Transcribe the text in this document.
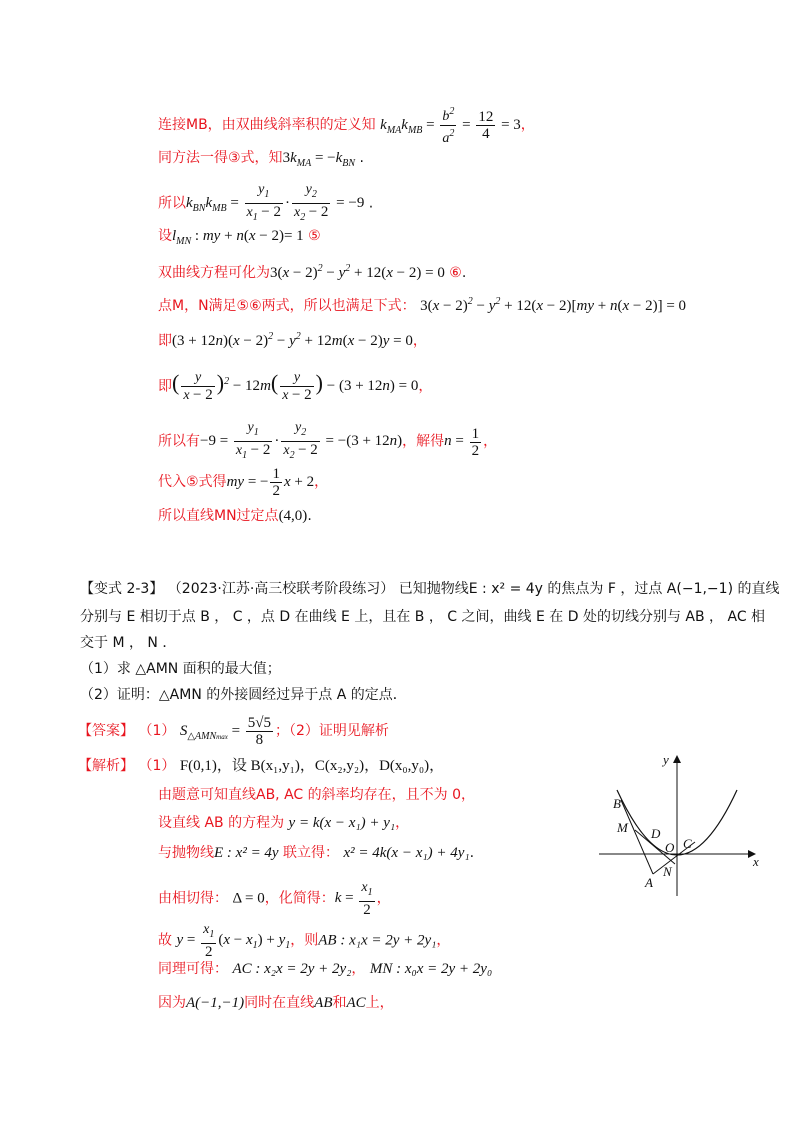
连接MB，由双曲线斜率积的定义知 $k_{MA}k_{MB} = \frac{b^2}{a^2} = \frac{12}{4} = 3$，
同方法一得③式，知$3k_{MA} = -k_{BN}$ .
所以$k_{BN}k_{MB} = \frac{y_1}{x_1 - 2} \cdot \frac{y_2}{x_2 - 2} = -9$ .
设$l_{MN}$ : my + n(x − 2)= 1 ⑤
双曲线方程可化为$3(x - 2)^2 - y^2 + 12(x - 2) = 0$ ⑥.
点M，N满足⑤⑥两式，所以也满足下式： $3(x - 2)^2 - y^2 + 12(x - 2)[my + n(x - 2)] = 0$
即$(3 + 12n)(x - 2)^2 - y^2 + 12m(x - 2)y = 0$，
即( $\frac{y}{x - 2} )^2 - 12m( \frac{y}{x - 2}$ ) − (3 + 12n) = 0，
所以有$-9 = \frac{y_1}{x_1 - 2} \cdot \frac{y_2}{x_2 - 2} = -(3 + 12n)$，解得$n = \frac{1}{2}$ ，
代入⑤式得my = − $\frac{1}{2}$ x + 2，
所以直线MN过定点(4,0).
【变式 2-3】 （2023·江苏·高三校联考阶段练习） 已知抛物线E : x² = 4y 的焦点为 F ，过点 A(−1,−1) 的直线
分别与 E 相切于点 B ， C ，点 D 在曲线 E 上，且在 B ， C 之间，曲线 E 在 D 处的切线分别与 AB ， AC 相
交于 M ， N ．
（1）求 △AMN 面积的最大值；
（2）证明：△AMN 的外接圆经过异于点 A 的定点．
【答案】 （1） $S_{\triangle AMNmax} = \frac{5√5}{8}$ ；（2）证明见解析
【解析】 （1） F(0,1)，设 B(x₁,y₁)，C(x₂,y₂)，D(x₀,y₀)，
由题意可知直线AB, AC 的斜率均存在，且不为 0，
设直线 AB 的方程为 y = k(x − x₁) + y₁，
与抛物线E : x² = 4y 联立得： x² = 4k(x − x₁) + 4y₁.
由相切得： Δ = 0，化简得：$k = \frac{x_1}{2}$ ，
故 $y = \frac{x_1}{2} (x - x_1) + y_1$，则AB : x₁x = 2y + 2y₁，
同理可得： AC : x₂x = 2y + 2y₂， MN : x₀x = 2y + 2y₀
因为A(−1,−1)同时在直线AB和AC上，
x
y
B
M D
O C
N
A
